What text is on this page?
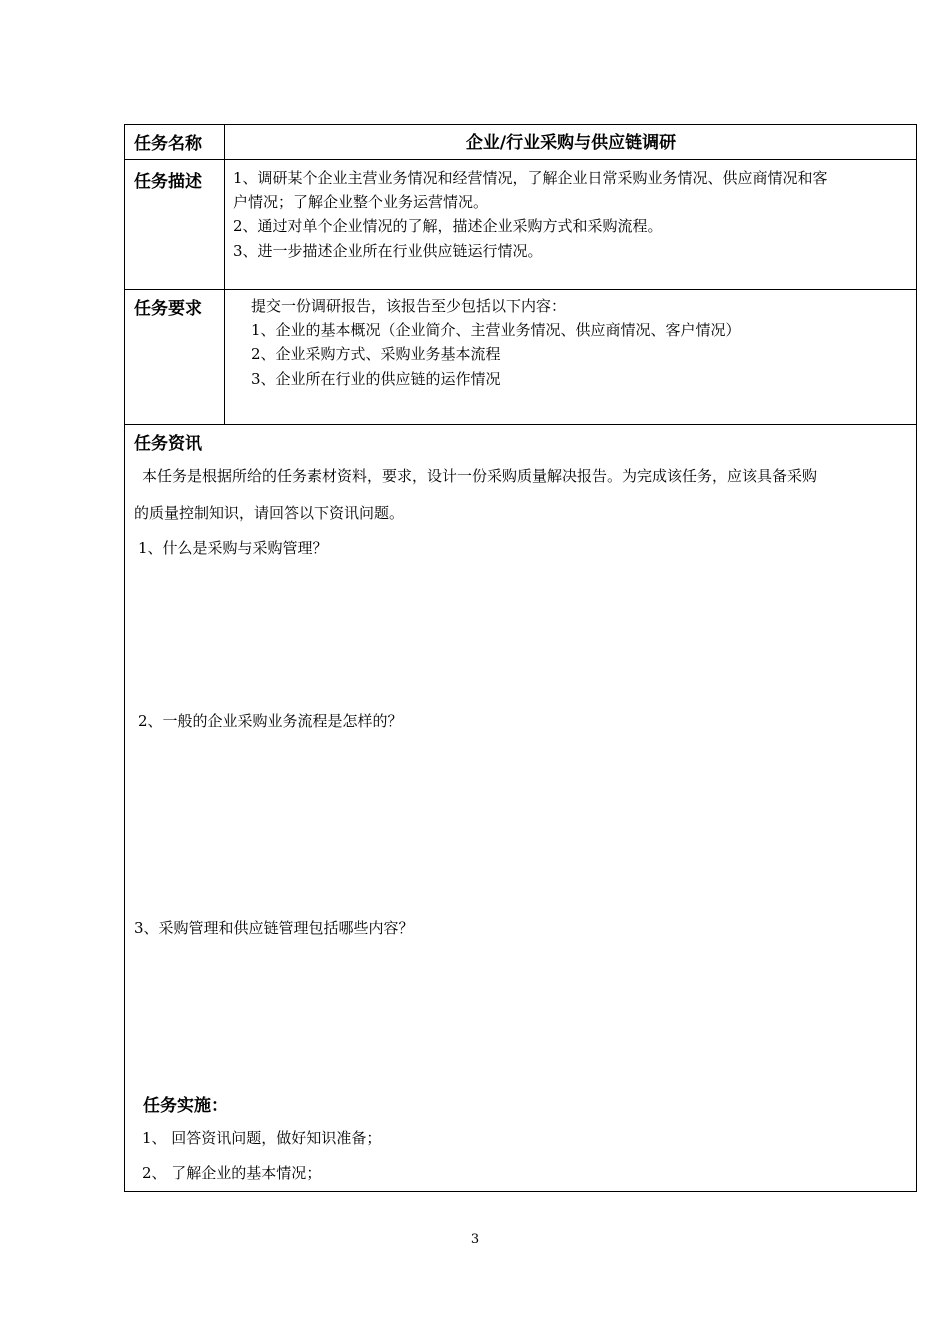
任务名称	企业/行业采购与供应链调研
任务描述 1、调研某个企业主营业务情况和经营情况，了解企业日常采购业务情况、供应商情况和客
户情况；了解企业整个业务运营情况。
2、通过对单个企业情况的了解，描述企业采购方式和采购流程。
3、进一步描述企业所在行业供应链运行情况。
任务要求	提交一份调研报告，该报告至少包括以下内容：
1、企业的基本概况（企业简介、主营业务情况、供应商情况、客户情况）
2、企业采购方式、采购业务基本流程
3、企业所在行业的供应链的运作情况
任务资讯
本任务是根据所给的任务素材资料，要求，设计一份采购质量解决报告。为完成该任务，应该具备采购
的质量控制知识，请回答以下资讯问题。
1、什么是采购与采购管理？
2、一般的企业采购业务流程是怎样的？
3、采购管理和供应链管理包括哪些内容？
任务实施：
1、 回答资讯问题，做好知识准备；
2、 了解企业的基本情况；
3
